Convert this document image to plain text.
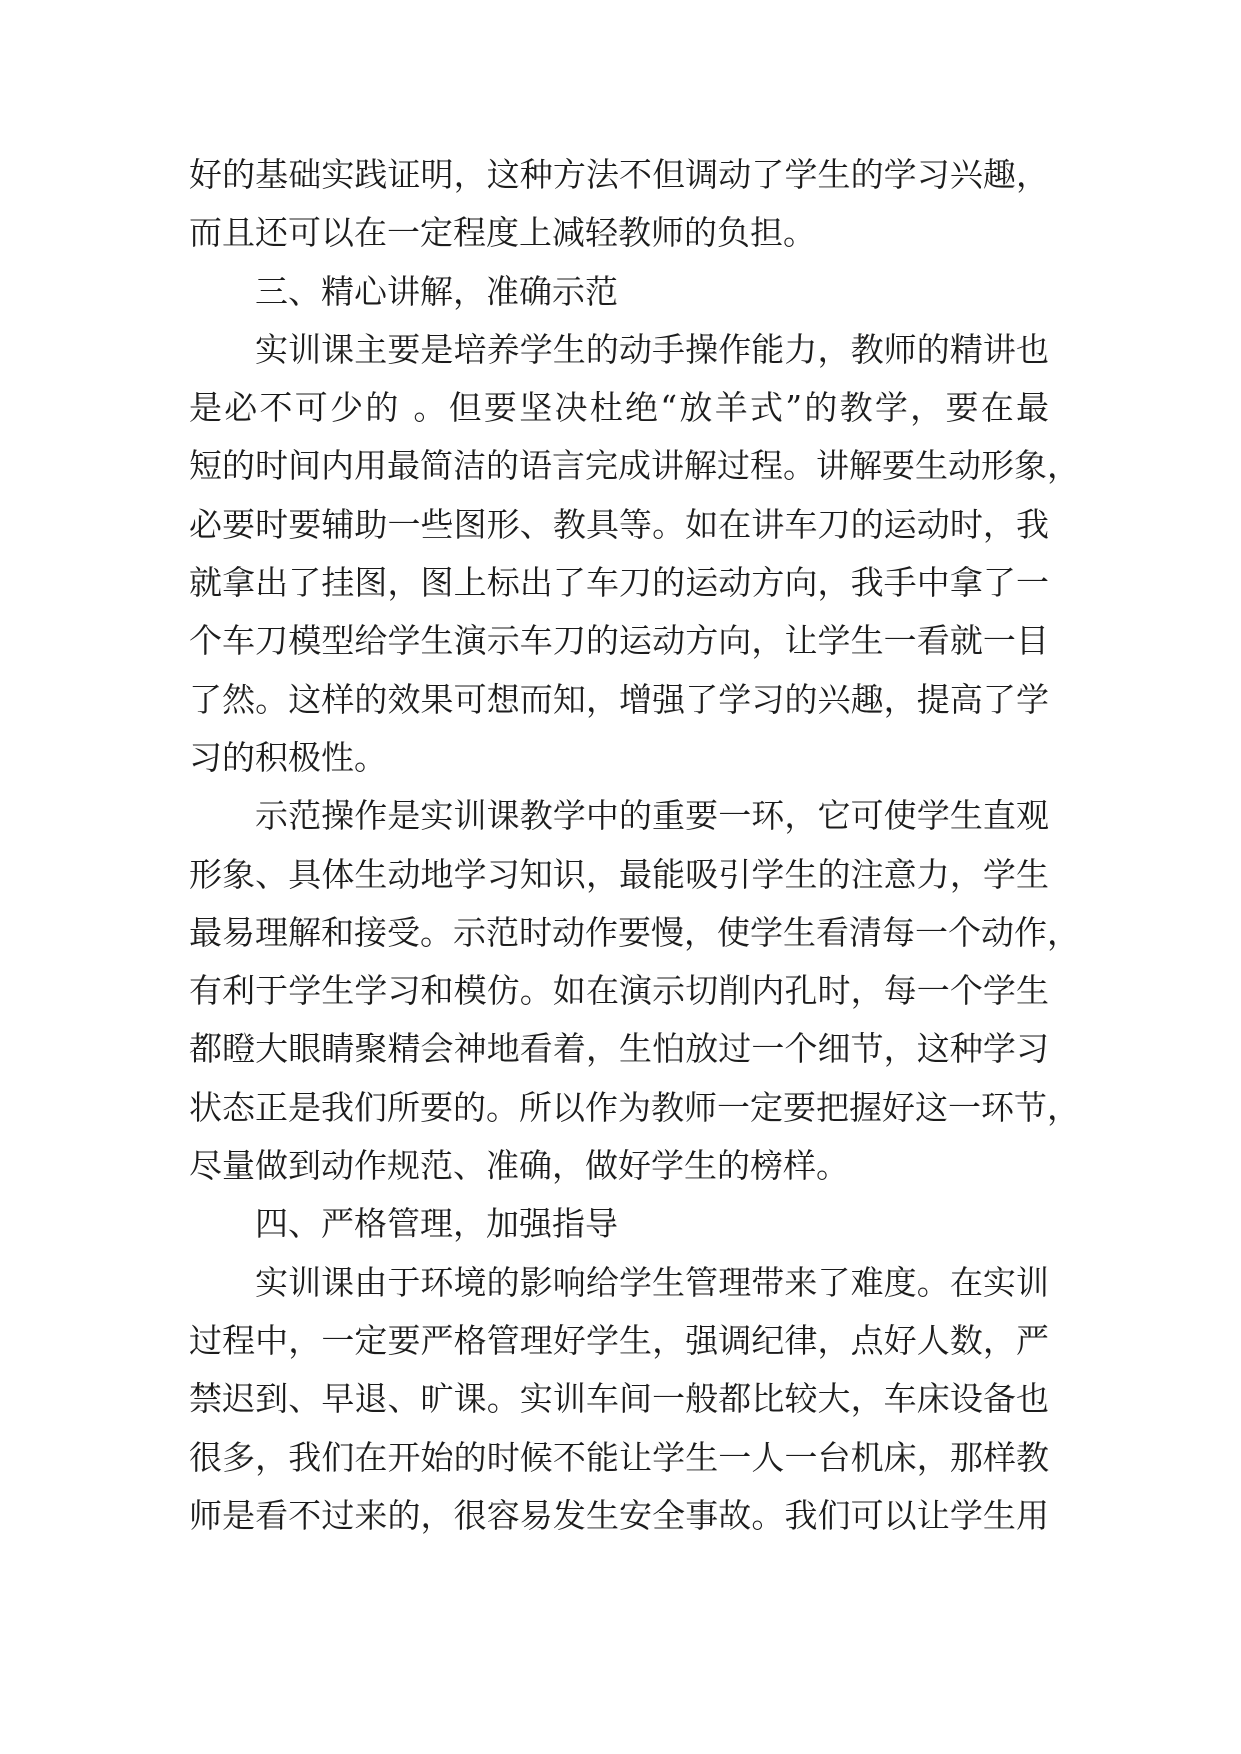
好的基础实践证明，这种方法不但调动了学生的学习兴趣，
而且还可以在一定程度上减轻教师的负担。
三、精心讲解，准确示范
实训课主要是培养学生的动手操作能力，教师的精讲也
是必不可少的 。但要坚决杜绝“放羊式”的教学，要在最
短的时间内用最简洁的语言完成讲解过程。讲解要生动形象，
必要时要辅助一些图形、教具等。如在讲车刀的运动时，我
就拿出了挂图，图上标出了车刀的运动方向，我手中拿了一
个车刀模型给学生演示车刀的运动方向，让学生一看就一目
了然。这样的效果可想而知，增强了学习的兴趣，提高了学
习的积极性。
示范操作是实训课教学中的重要一环，它可使学生直观
形象、具体生动地学习知识，最能吸引学生的注意力，学生
最易理解和接受。示范时动作要慢，使学生看清每一个动作，
有利于学生学习和模仿。如在演示切削内孔时，每一个学生
都瞪大眼睛聚精会神地看着，生怕放过一个细节，这种学习
状态正是我们所要的。所以作为教师一定要把握好这一环节，
尽量做到动作规范、准确，做好学生的榜样。
四、严格管理，加强指导
实训课由于环境的影响给学生管理带来了难度。在实训
过程中，一定要严格管理好学生，强调纪律，点好人数，严
禁迟到、早退、旷课。实训车间一般都比较大，车床设备也
很多，我们在开始的时候不能让学生一人一台机床，那样教
师是看不过来的，很容易发生安全事故。我们可以让学生用
